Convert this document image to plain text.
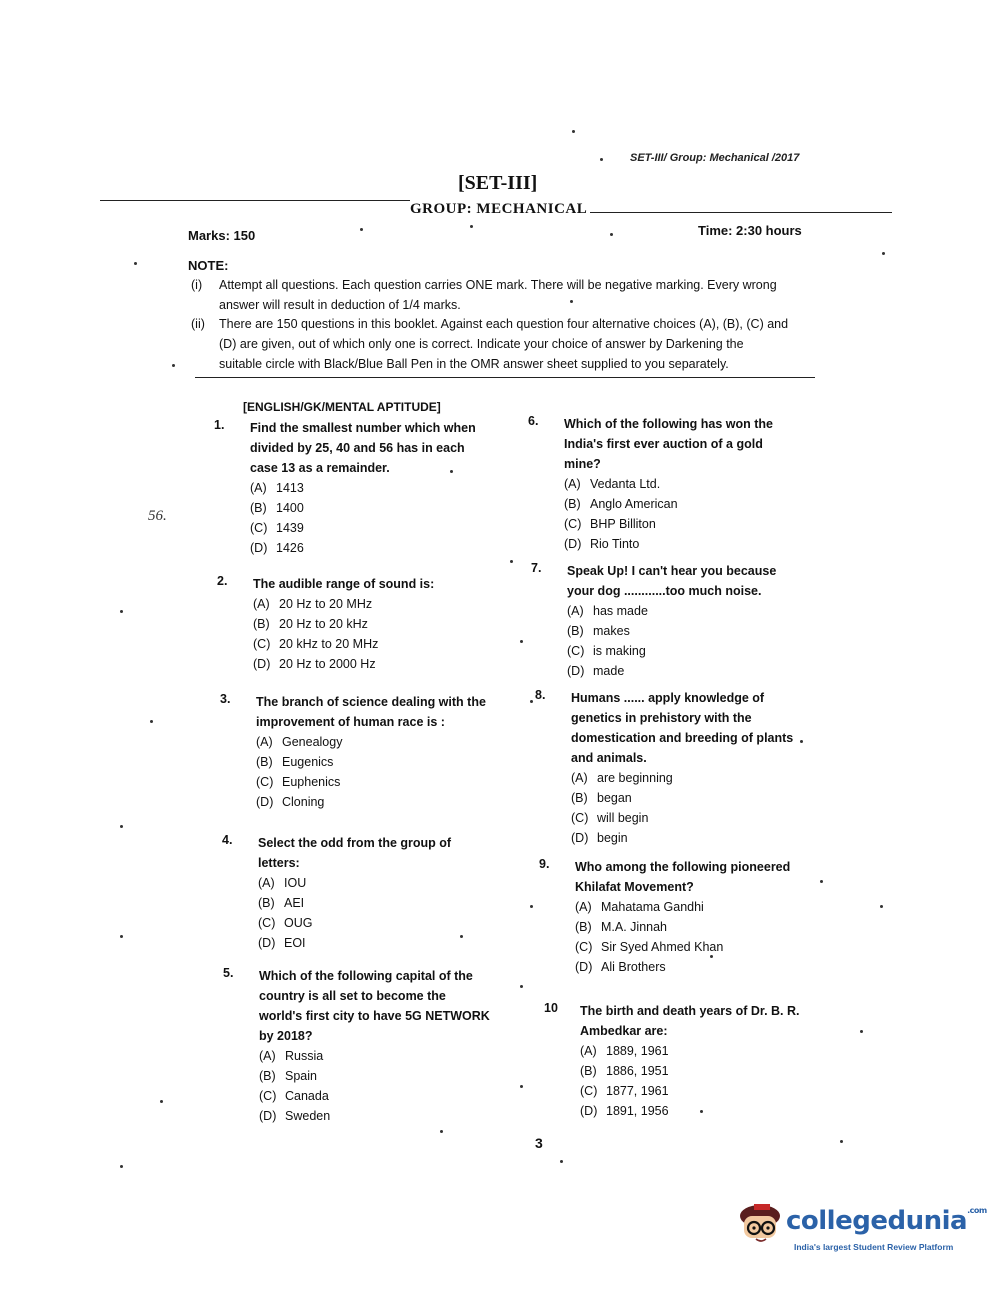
SET-III/ Group: Mechanical /2017
[SET-III]
GROUP: MECHANICAL
Marks: 150	Time: 2:30 hours
NOTE:
(i) Attempt all questions. Each question carries ONE mark. There will be negative marking. Every wrong
answer will result in deduction of 1/4 marks.
(ii) There are 150 questions in this booklet. Against each question four alternative choices (A), (B), (C) and
(D) are given, out of which only one is correct. Indicate your choice of answer by Darkening the
suitable circle with Black/Blue Ball Pen in the OMR answer sheet supplied to you separately.
[ENGLISH/GK/MENTAL APTITUDE]
1. Find the smallest number which when
divided by 25, 40 and 56 has in each
case 13 as a remainder.
(A) 1413
(B) 1400
(C) 1439
(D) 1426
2. The audible range of sound is:
(A) 20 Hz to 20 MHz
(B) 20 Hz to 20 kHz
(C) 20 kHz to 20 MHz
(D) 20 Hz to 2000 Hz
3. The branch of science dealing with the
improvement of human race is :
(A) Genealogy
(B) Eugenics
(C) Euphenics
(D) Cloning
4. Select the odd from the group of
letters:
(A) IOU
(B) AEI
(C) OUG
(D) EOI
5. Which of the following capital of the
country is all set to become the
world's first city to have 5G NETWORK
by 2018?
(A) Russia
(B) Spain
(C) Canada
(D) Sweden
6. Which of the following has won the
India's first ever auction of a gold
mine?
(A) Vedanta Ltd.
(B) Anglo American
(C) BHP Billiton
(D) Rio Tinto
7. Speak Up! I can't hear you because
your dog ............too much noise.
(A) has made
(B) makes
(C) is making
(D) made
8. Humans ...... apply knowledge of
genetics in prehistory with the
domestication and breeding of plants
and animals.
(A) are beginning
(B) began
(C) will begin
(D) begin
9. Who among the following pioneered
Khilafat Movement?
(A) Mahatama Gandhi
(B) M.A. Jinnah
(C) Sir Syed Ahmed Khan
(D) Ali Brothers
10 The birth and death years of Dr. B. R.
Ambedkar are:
(A) 1889, 1961
(B) 1886, 1951
(C) 1877, 1961
(D) 1891, 1956
56.
3
collegedunia$^{.com}$
India's largest Student Review Platform
